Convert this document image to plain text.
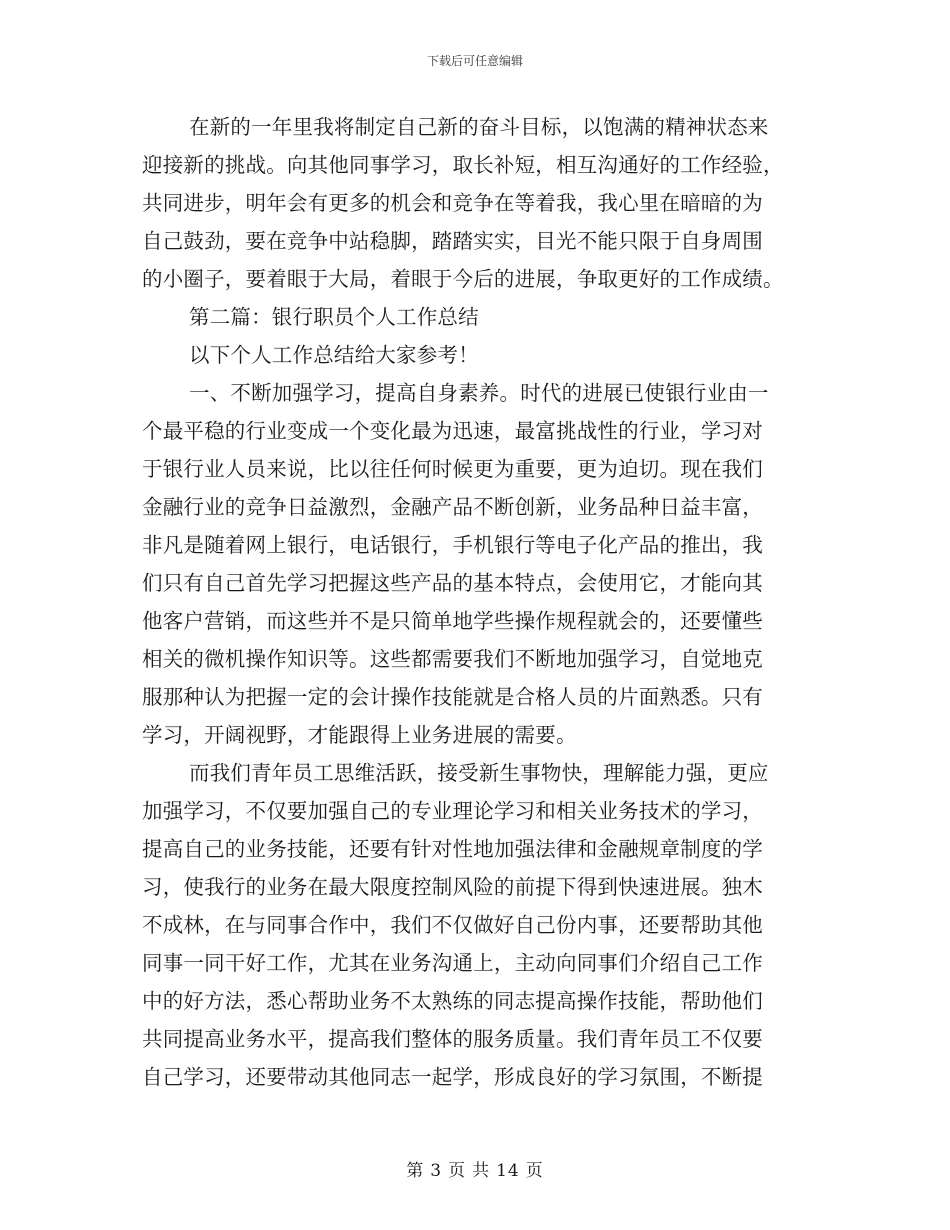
下载后可任意编辑
在新的一年里我将制定自己新的奋斗目标，以饱满的精神状态来
迎接新的挑战。向其他同事学习，取长补短，相互沟通好的工作经验，
共同进步，明年会有更多的机会和竞争在等着我，我心里在暗暗的为
自己鼓劲，要在竞争中站稳脚，踏踏实实，目光不能只限于自身周围
的小圈子，要着眼于大局，着眼于今后的进展，争取更好的工作成绩。
第二篇：银行职员个人工作总结
以下个人工作总结给大家参考！
一、不断加强学习，提高自身素养。时代的进展已使银行业由一
个最平稳的行业变成一个变化最为迅速，最富挑战性的行业，学习对
于银行业人员来说，比以往任何时候更为重要，更为迫切。现在我们
金融行业的竞争日益激烈，金融产品不断创新，业务品种日益丰富，
非凡是随着网上银行，电话银行，手机银行等电子化产品的推出，我
们只有自己首先学习把握这些产品的基本特点，会使用它，才能向其
他客户营销，而这些并不是只简单地学些操作规程就会的，还要懂些
相关的微机操作知识等。这些都需要我们不断地加强学习，自觉地克
服那种认为把握一定的会计操作技能就是合格人员的片面熟悉。只有
学习，开阔视野，才能跟得上业务进展的需要。
而我们青年员工思维活跃，接受新生事物快，理解能力强，更应
加强学习，不仅要加强自己的专业理论学习和相关业务技术的学习，
提高自己的业务技能，还要有针对性地加强法律和金融规章制度的学
习，使我行的业务在最大限度控制风险的前提下得到快速进展。独木
不成林，在与同事合作中，我们不仅做好自己份内事，还要帮助其他
同事一同干好工作，尤其在业务沟通上，主动向同事们介绍自己工作
中的好方法，悉心帮助业务不太熟练的同志提高操作技能，帮助他们
共同提高业务水平，提高我们整体的服务质量。我们青年员工不仅要
自己学习，还要带动其他同志一起学，形成良好的学习氛围，不断提
第 3 页 共 14 页
